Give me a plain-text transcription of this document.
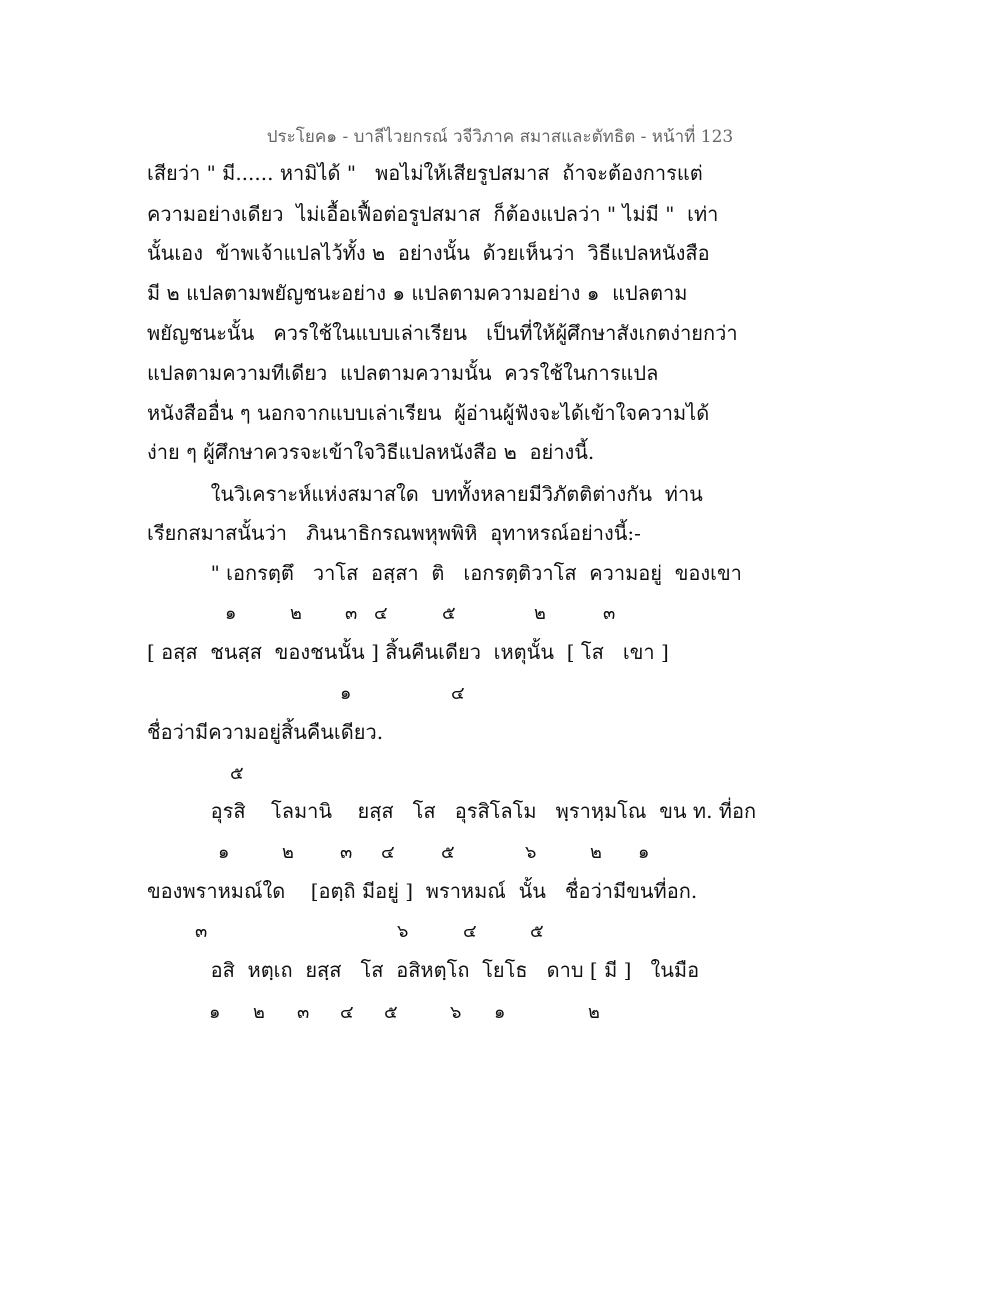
ประโยค๑ - บาลีไวยกรณ์ วจีวิภาค สมาสและตัทธิต - หน้าที่ 123
เสียว่า " มี...... หามิได้ "   พอไม่ให้เสียรูปสมาส  ถ้าจะต้องการแต่
ความอย่างเดียว  ไม่เอื้อเฟื้อต่อรูปสมาส  ก็ต้องแปลว่า " ไม่มี "  เท่า
นั้นเอง  ข้าพเจ้าแปลไว้ทั้ง ๒  อย่างนั้น  ด้วยเห็นว่า  วิธีแปลหนังสือ
มี ๒ แปลตามพยัญชนะอย่าง ๑ แปลตามความอย่าง ๑  แปลตาม
พยัญชนะนั้น   ควรใช้ในแบบเล่าเรียน   เป็นที่ให้ผู้ศึกษาสังเกตง่ายกว่า
แปลตามความทีเดียว  แปลตามความนั้น  ควรใช้ในการแปล
หนังสืออื่น ๆ นอกจากแบบเล่าเรียน  ผู้อ่านผู้ฟังจะได้เข้าใจความได้
ง่าย ๆ ผู้ศึกษาควรจะเข้าใจวิธีแปลหนังสือ ๒  อย่างนี้.
ในวิเคราะห์แห่งสมาสใด  บททั้งหลายมีวิภัตติต่างกัน  ท่าน
เรียกสมาสนั้นว่า   ภินนาธิกรณพหุพพิหิ  อุทาหรณ์อย่างนี้:-
" เอกรตฺตึ   วาโส  อสฺสา  ติ   เอกรตฺติวาโส  ความอยู่  ของเขา
๑	๒ ๓ ๔	๕	๒	๓
[ อสฺส  ชนสฺส  ของชนนั้น ] สิ้นคืนเดียว  เหตุนั้น  [ โส   เขา ]
๑	๔
ชื่อว่ามีความอยู่สิ้นคืนเดียว.
๕
อุรสิ    โลมานิ    ยสฺส   โส   อุรสิโลโม   พฺราหฺมโณ  ขน ท. ที่อก
๑	๒	๓ ๔	๕	๖	๒ ๑
ของพราหมณ์ใด    [อตฺถิ มีอยู่ ]  พราหมณ์  นั้น   ชื่อว่ามีขนที่อก.
๓	๖	๔	๕
อสิ  หตฺเถ  ยสฺส   โส  อสิหตฺโถ  โยโธ   ดาบ [ มี ]   ในมือ
๑ ๒ ๓ ๔ ๕	๖ ๑	๒
